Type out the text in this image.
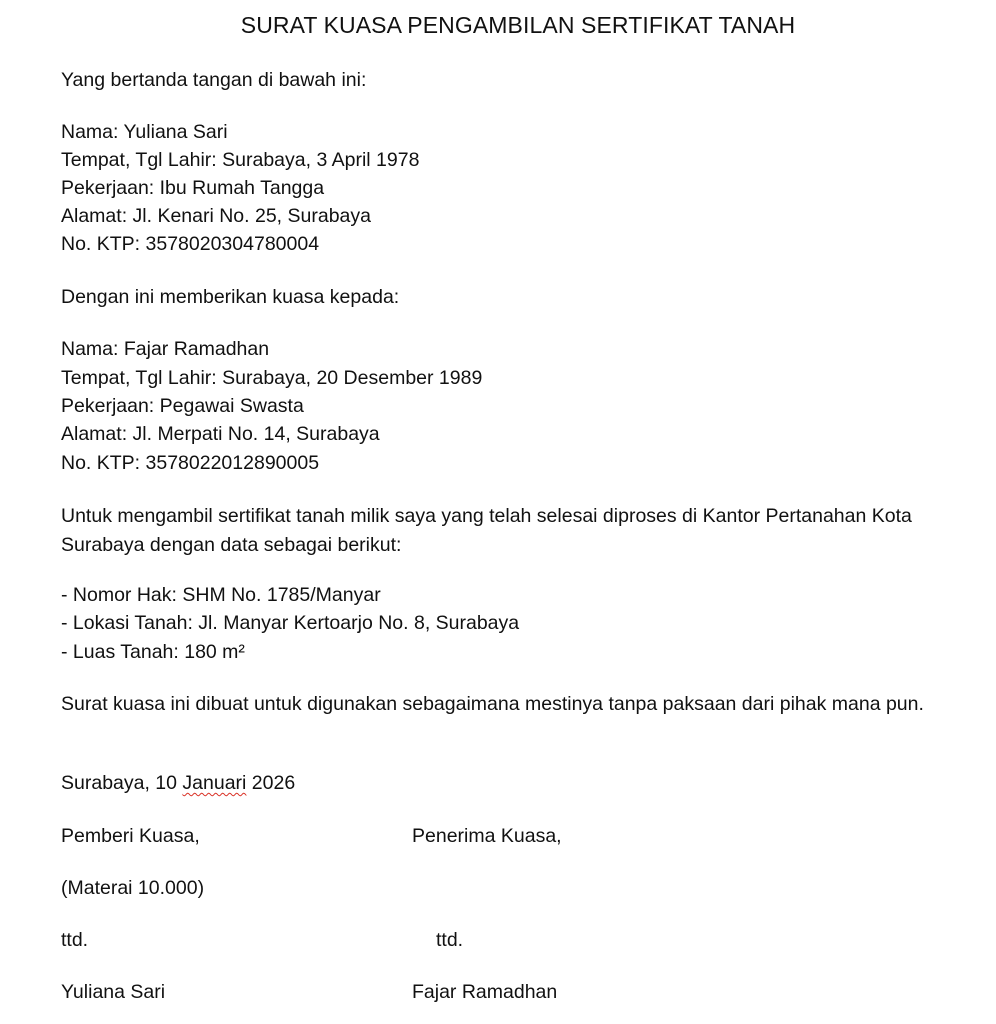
SURAT KUASA PENGAMBILAN SERTIFIKAT TANAH
Yang bertanda tangan di bawah ini:
Nama: Yuliana Sari
Tempat, Tgl Lahir: Surabaya, 3 April 1978
Pekerjaan: Ibu Rumah Tangga
Alamat: Jl. Kenari No. 25, Surabaya
No. KTP: 3578020304780004
Dengan ini memberikan kuasa kepada:
Nama: Fajar Ramadhan
Tempat, Tgl Lahir: Surabaya, 20 Desember 1989
Pekerjaan: Pegawai Swasta
Alamat: Jl. Merpati No. 14, Surabaya
No. KTP: 3578022012890005
Untuk mengambil sertifikat tanah milik saya yang telah selesai diproses di Kantor Pertanahan Kota Surabaya dengan data sebagai berikut:
- Nomor Hak: SHM No. 1785/Manyar
- Lokasi Tanah: Jl. Manyar Kertoarjo No. 8, Surabaya
- Luas Tanah: 180 m²
Surat kuasa ini dibuat untuk digunakan sebagaimana mestinya tanpa paksaan dari pihak mana pun.
Surabaya, 10 Januari 2026
Pemberi Kuasa,	Penerima Kuasa,
(Materai 10.000)
ttd.	ttd.
Yuliana Sari	Fajar Ramadhan
